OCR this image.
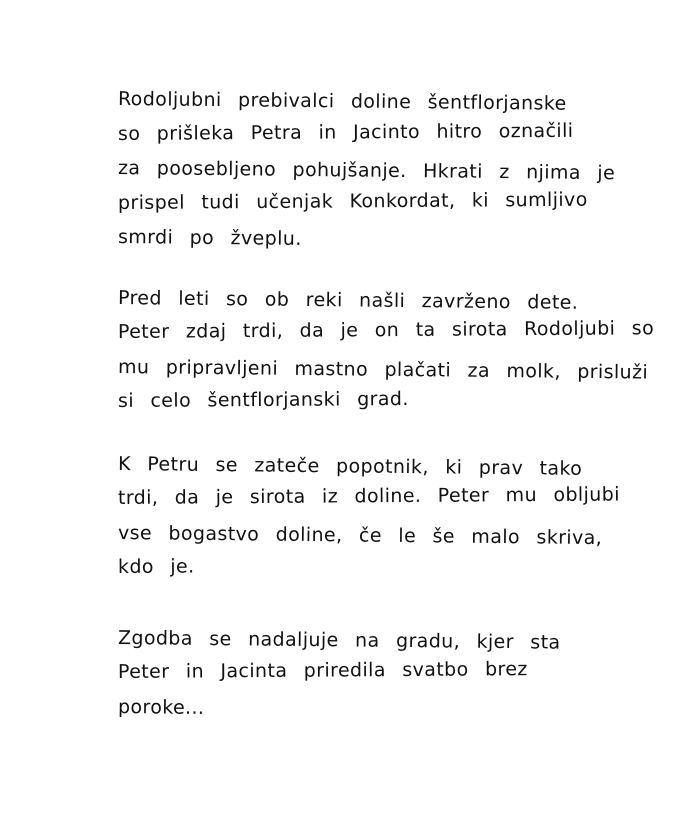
Rodoljubni prebivalci doline šentflorjanske
so prišleka Petra in Jacinto hitro označili
za poosebljeno pohujšanje. Hkrati z njima je
prispel tudi učenjak Konkordat, ki sumljivo
smrdi po žveplu.
Pred leti so ob reki našli zavrženo dete.
Peter zdaj trdi, da je on ta sirota Rodoljubi so
mu pripravljeni mastno plačati za molk, prisluži
si celo šentflorjanski grad.
K Petru se zateče popotnik, ki prav tako
trdi, da je sirota iz doline. Peter mu obljubi
vse bogastvo doline, če le še malo skriva,
kdo je.
Zgodba se nadaljuje na gradu, kjer sta
Peter in Jacinta priredila svatbo brez
poroke...
